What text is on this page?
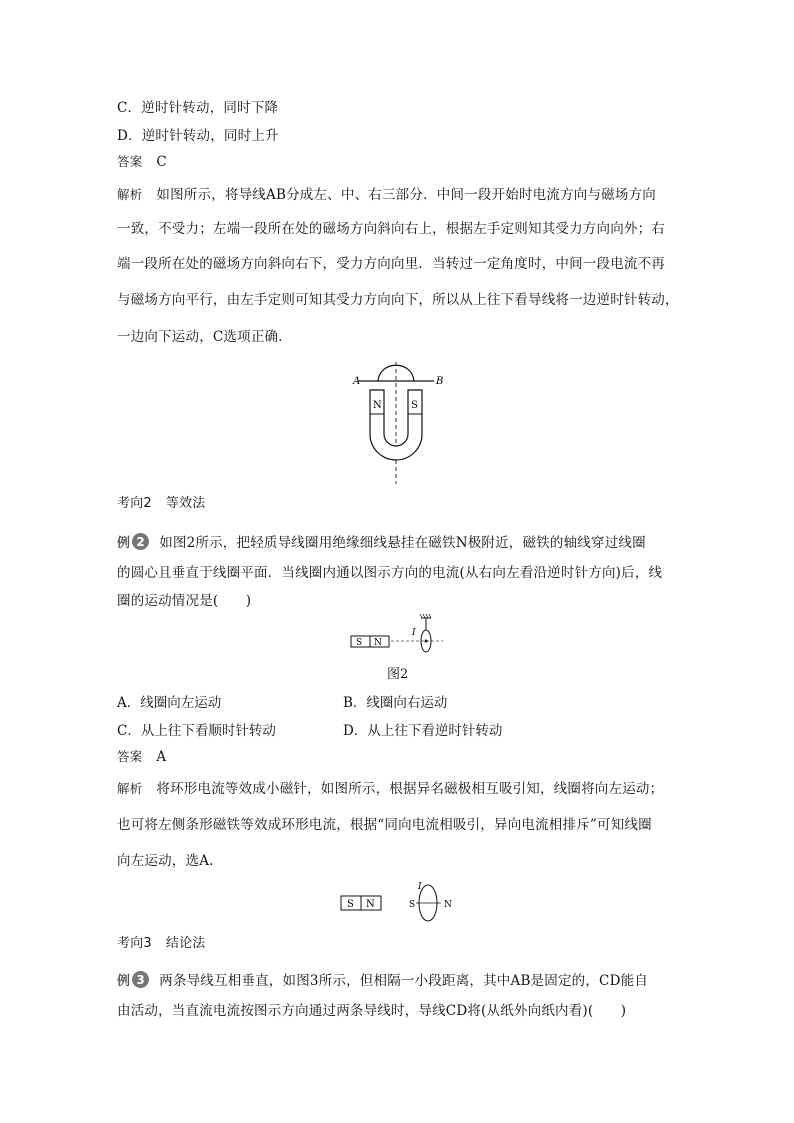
C．逆时针转动，同时下降
D．逆时针转动，同时上升
答案 C
解析 如图所示，将导线AB分成左、中、右三部分．中间一段开始时电流方向与磁场方向
一致，不受力；左端一段所在处的磁场方向斜向右上，根据左手定则知其受力方向向外；右
端一段所在处的磁场方向斜向右下，受力方向向里．当转过一定角度时，中间一段电流不再
与磁场方向平行，由左手定则可知其受力方向向下，所以从上往下看导线将一边逆时针转动，
一边向下运动，C选项正确．
A	B
N	S
考向2 等效法
例 2	如图2所示，把轻质导线圈用绝缘细线悬挂在磁铁N极附近，磁铁的轴线穿过线圈
的圆心且垂直于线圈平面．当线圈内通以图示方向的电流(从右向左看沿逆时针方向)后，线
圈的运动情况是(　　)
S N
I
图2
A．线圈向左运动	B．线圈向右运动
C．从上往下看顺时针转动	D．从上往下看逆时针转动
答案 A
解析 将环形电流等效成小磁针，如图所示，根据异名磁极相互吸引知，线圈将向左运动；
也可将左侧条形磁铁等效成环形电流，根据“同向电流相吸引，异向电流相排斥”可知线圈
向左运动，选A.
S N	S	N
I
考向3 结论法
例 3	两条导线互相垂直，如图3所示，但相隔一小段距离，其中AB是固定的，CD能自
由活动，当直流电流按图示方向通过两条导线时，导线CD将(从纸外向纸内看)(　　)
